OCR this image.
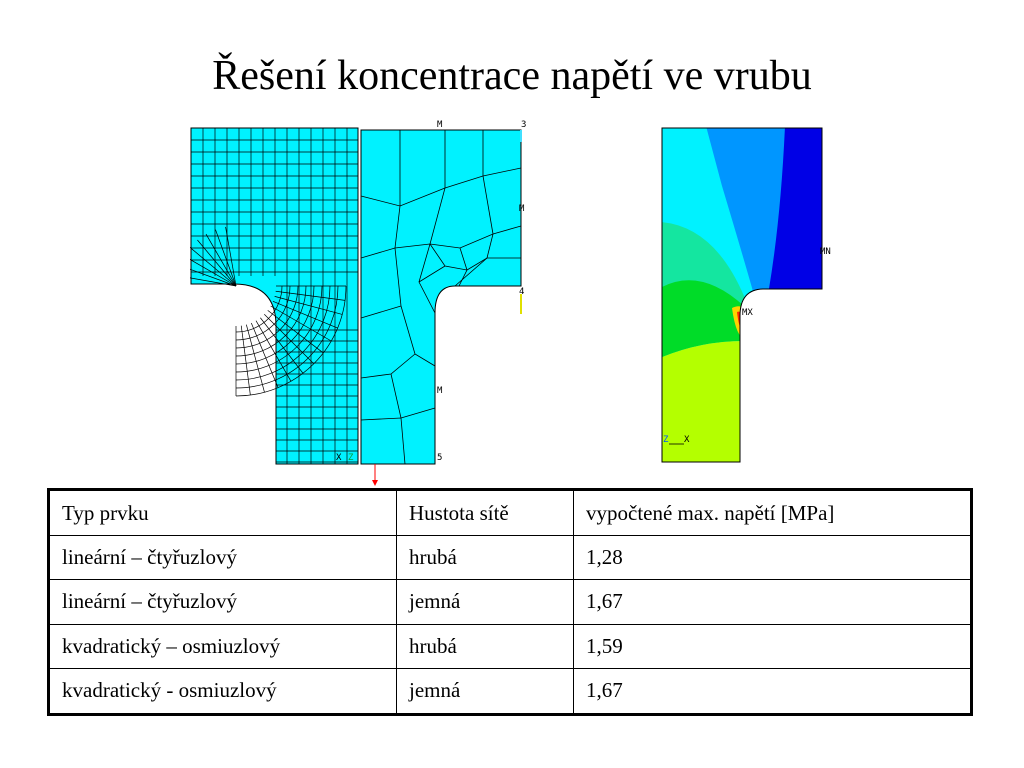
Řešení koncentrace napětí ve vrubu
X Z
M	3
M
4
M
5
MN
MX
Z X
Typ prvku	Hustota sítě	vypočtené max. napětí [MPa]
lineární – čtyřuzlový	hrubá	1,28
lineární – čtyřuzlový	jemná	1,67
kvadratický – osmiuzlový	hrubá	1,59
kvadratický - osmiuzlový	jemná	1,67
